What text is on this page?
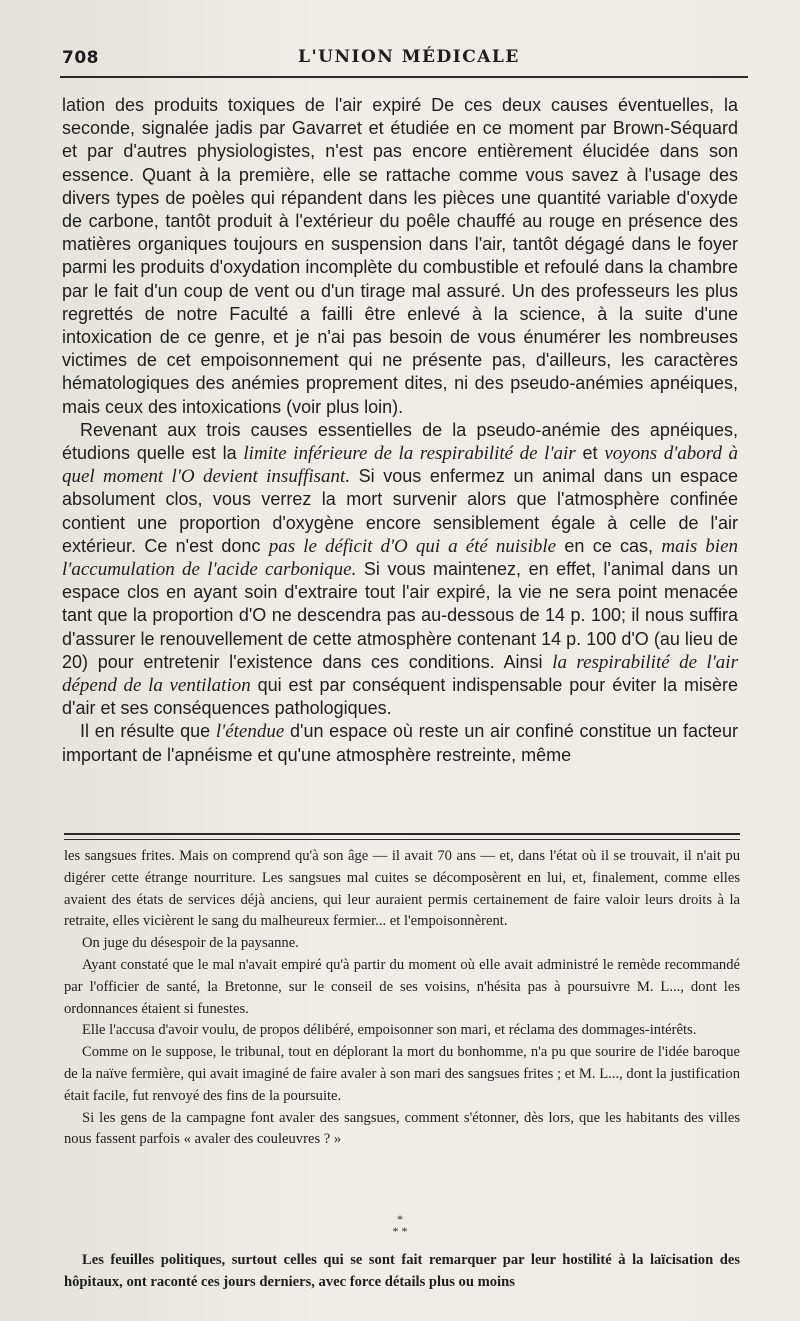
708	L'UNION MÉDICALE

lation des produits toxiques de l'air expiré De ces deux causes éventuelles, la seconde, signalée jadis par Gavarret et étudiée en ce moment par Brown-Séquard et par d'autres physiologistes, n'est pas encore entièrement élucidée dans son essence. Quant à la première, elle se rattache comme vous savez à l'usage des divers types de poèles qui répandent dans les pièces une quantité variable d'oxyde de carbone, tantôt produit à l'extérieur du poêle chauffé au rouge en présence des matières organiques toujours en suspension dans l'air, tantôt dégagé dans le foyer parmi les produits d'oxydation incomplète du combustible et refoulé dans la chambre par le fait d'un coup de vent ou d'un tirage mal assuré. Un des professeurs les plus regrettés de notre Faculté a failli être enlevé à la science, à la suite d'une intoxication de ce genre, et je n'ai pas besoin de vous énumérer les nombreuses victimes de cet empoisonnement qui ne présente pas, d'ailleurs, les caractères hématologiques des anémies proprement dites, ni des pseudo-anémies apnéiques, mais ceux des intoxications (voir plus loin).

Revenant aux trois causes essentielles de la pseudo-anémie des apnéiques, étudions quelle est la limite inférieure de la respirabilité de l'air et voyons d'abord à quel moment l'O devient insuffisant. Si vous enfermez un animal dans un espace absolument clos, vous verrez la mort survenir alors que l'atmosphère confinée contient une proportion d'oxygène encore sensiblement égale à celle de l'air extérieur. Ce n'est donc pas le déficit d'O qui a été nuisible en ce cas, mais bien l'accumulation de l'acide carbonique. Si vous maintenez, en effet, l'animal dans un espace clos en ayant soin d'extraire tout l'air expiré, la vie ne sera point menacée tant que la proportion d'O ne descendra pas au-dessous de 14 p. 100; il nous suffira d'assurer le renouvellement de cette atmosphère contenant 14 p. 100 d'O (au lieu de 20) pour entretenir l'existence dans ces conditions. Ainsi la respirabilité de l'air dépend de la ventilation qui est par conséquent indispensable pour éviter la misère d'air et ses conséquences pathologiques.

Il en résulte que l'étendue d'un espace où reste un air confiné constitue un facteur important de l'apnéisme et qu'une atmosphère restreinte, même

les sangsues frites. Mais on comprend qu'à son âge — il avait 70 ans — et, dans l'état où il se trouvait, il n'ait pu digérer cette étrange nourriture. Les sangsues mal cuites se décomposèrent en lui, et, finalement, comme elles avaient des états de services déjà anciens, qui leur auraient permis certainement de faire valoir leurs droits à la retraite, elles vicièrent le sang du malheureux fermier... et l'empoisonnèrent.

On juge du désespoir de la paysanne.

Ayant constaté que le mal n'avait empiré qu'à partir du moment où elle avait administré le remède recommandé par l'officier de santé, la Bretonne, sur le conseil de ses voisins, n'hésita pas à poursuivre M. L..., dont les ordonnances étaient si funestes.

Elle l'accusa d'avoir voulu, de propos délibéré, empoisonner son mari, et réclama des dommages-intérêts.

Comme on le suppose, le tribunal, tout en déplorant la mort du bonhomme, n'a pu que sourire de l'idée baroque de la naïve fermière, qui avait imaginé de faire avaler à son mari des sangsues frites ; et M. L..., dont la justification était facile, fut renvoyé des fins de la poursuite.

Si les gens de la campagne font avaler des sangsues, comment s'étonner, dès lors, que les habitants des villes nous fassent parfois « avaler des couleuvres ? »

*
* *

Les feuilles politiques, surtout celles qui se sont fait remarquer par leur hostilité à la laïcisation des hôpitaux, ont raconté ces jours derniers, avec force détails plus ou moins
